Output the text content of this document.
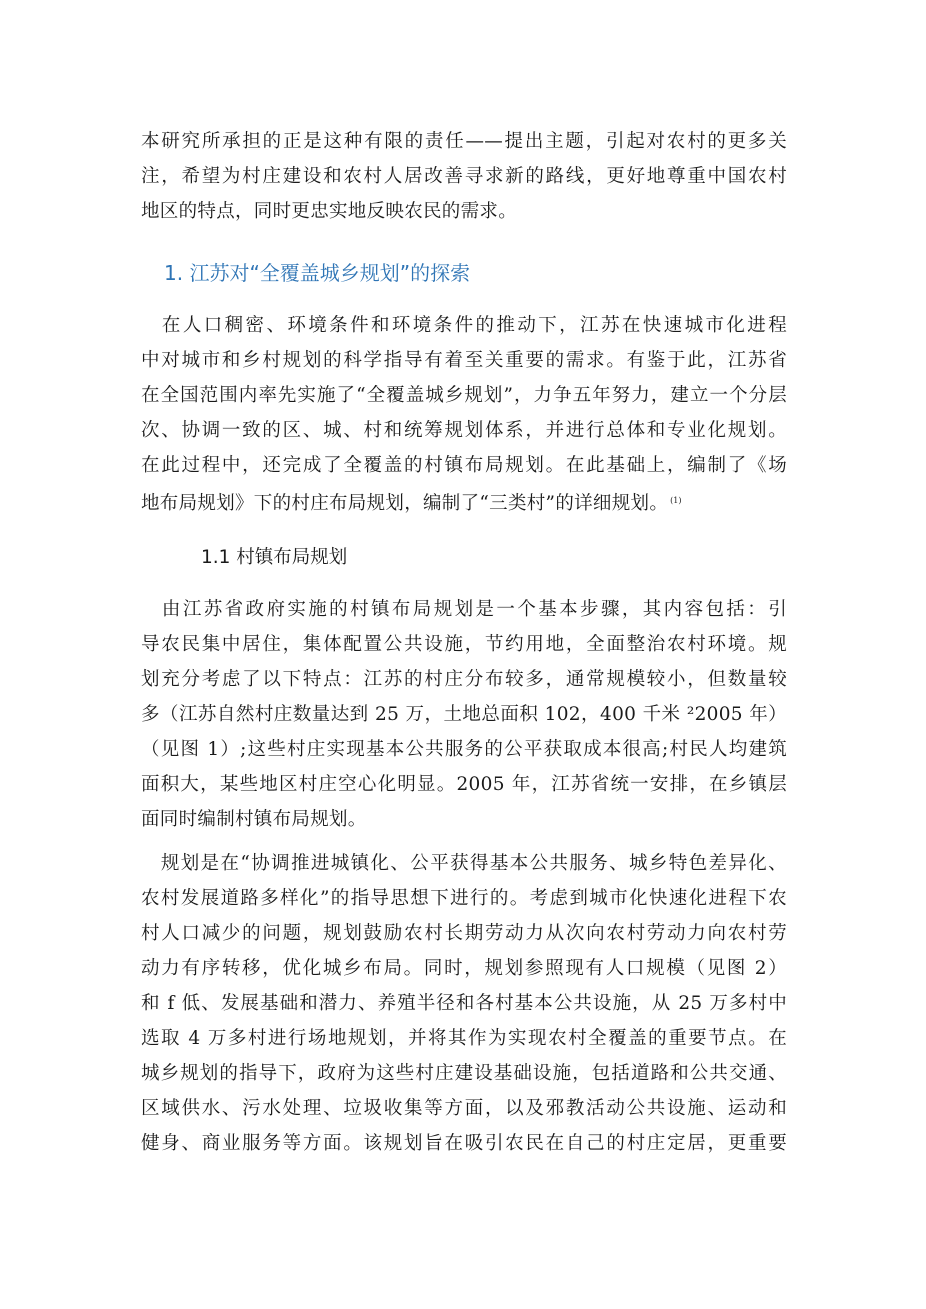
本研究所承担的正是这种有限的责任——提出主题，引起对农村的更多关
注，希望为村庄建设和农村人居改善寻求新的路线，更好地尊重中国农村
地区的特点，同时更忠实地反映农民的需求。
1. 江苏对“全覆盖城乡规划”的探索
　在人口稠密、环境条件和环境条件的推动下，江苏在快速城市化进程
中对城市和乡村规划的科学指导有着至关重要的需求。有鉴于此，江苏省
在全国范围内率先实施了“全覆盖城乡规划”，力争五年努力，建立一个分层
次、协调一致的区、城、村和统筹规划体系，并进行总体和专业化规划。
在此过程中，还完成了全覆盖的村镇布局规划。在此基础上，编制了《场
地布局规划》下的村庄布局规划，编制了“三类村”的详细规划。 $^{(1)}$
1.1 村镇布局规划
　由江苏省政府实施的村镇布局规划是一个基本步骤，其内容包括：引
导农民集中居住，集体配置公共设施，节约用地，全面整治农村环境。规
划充分考虑了以下特点：江苏的村庄分布较多，通常规模较小，但数量较
多（江苏自然村庄数量达到 25 万，土地总面积 102，400 千米 ²2005 年）
（见图 1）;这些村庄实现基本公共服务的公平获取成本很高;村民人均建筑
面积大，某些地区村庄空心化明显。2005 年，江苏省统一安排，在乡镇层
面同时编制村镇布局规划。
　规划是在“协调推进城镇化、公平获得基本公共服务、城乡特色差异化、
农村发展道路多样化”的指导思想下进行的。考虑到城市化快速化进程下农
村人口减少的问题，规划鼓励农村长期劳动力从次向农村劳动力向农村劳
动力有序转移，优化城乡布局。同时，规划参照现有人口规模（见图 2）
和 f 低、发展基础和潜力、养殖半径和各村基本公共设施，从 25 万多村中
选取 4 万多村进行场地规划，并将其作为实现农村全覆盖的重要节点。在
城乡规划的指导下，政府为这些村庄建设基础设施，包括道路和公共交通、
区域供水、污水处理、垃圾收集等方面，以及邪教活动公共设施、运动和
健身、商业服务等方面。该规划旨在吸引农民在自己的村庄定居，更重要
